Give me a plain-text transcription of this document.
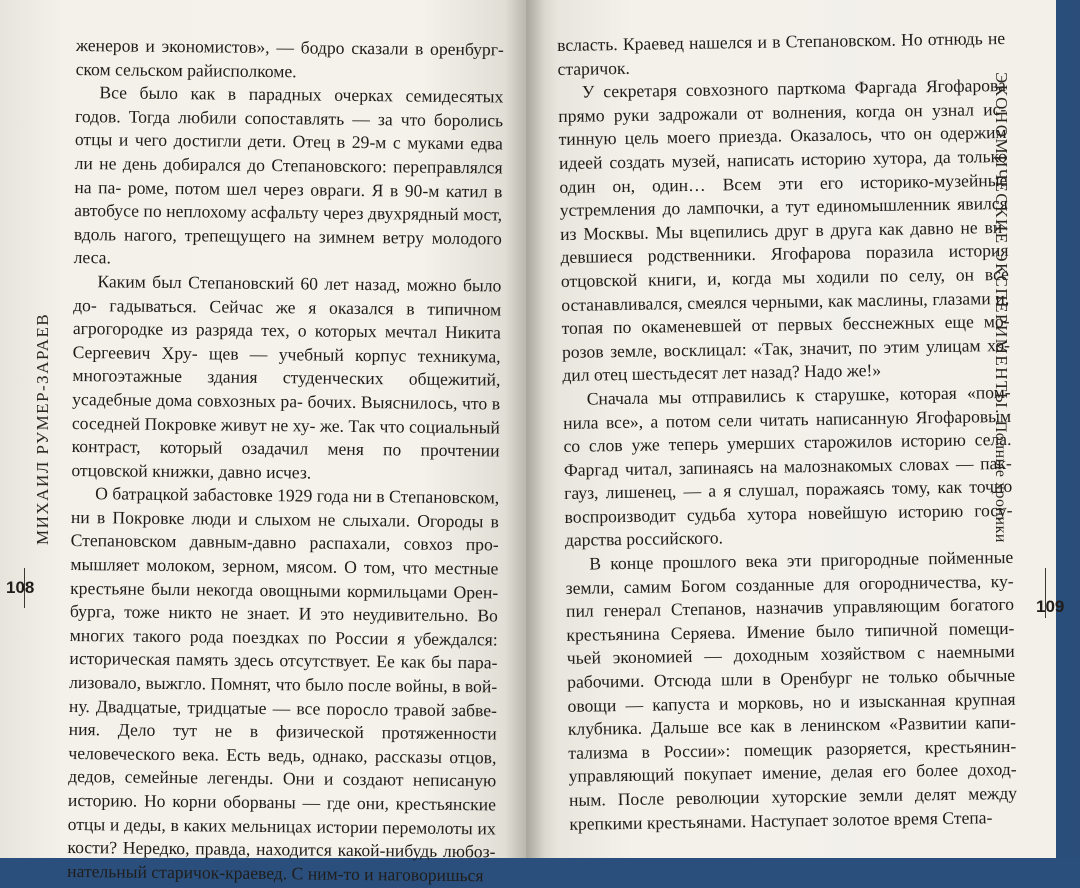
женеров и экономистов», — бодро сказали в оренбург- ском сельском райисполкоме.

Все было как в парадных очерках семидесятых годов. Тогда любили сопоставлять — за что боролись отцы и чего достигли дети. Отец в 29-м с муками едва ли не день добирался до Степановского: переправлялся на па- роме, потом шел через овраги. Я в 90-м катил в автобусе по неплохому асфальту через двухрядный мост, вдоль нагого, трепещущего на зимнем ветру молодого леса.

Каким был Степановский 60 лет назад, можно было до- гадываться. Сейчас же я оказался в типичном агрогородке из разряда тех, о которых мечтал Никита Сергеевич Хру- щев — учебный корпус техникума, многоэтажные здания студенческих общежитий, усадебные дома совхозных ра- бочих. Выяснилось, что в соседней Покровке живут не ху- же. Так что социальный контраст, который озадачил меня по прочтении отцовской книжки, давно исчез.

О батрацкой забастовке 1929 года ни в Степановском, ни в Покровке люди и слыхом не слыхали. Огороды в Степановском давным-давно распахали, совхоз про- мышляет молоком, зерном, мясом. О том, что местные крестьяне были некогда овощными кормильцами Орен- бурга, тоже никто не знает. И это неудивительно. Во многих такого рода поездках по России я убеждался: историческая память здесь отсутствует. Ее как бы пара- лизовало, выжгло. Помнят, что было после войны, в вой- ну. Двадцатые, тридцатые — все поросло травой забве- ния. Дело тут не в физической протяженности человеческого века. Есть ведь, однако, рассказы отцов, дедов, семейные легенды. Они и создают неписаную историю. Но корни оборваны — где они, крестьянские отцы и деды, в каких мельницах истории перемолоты их кости? Нередко, правда, находится какой-нибудь любоз- нательный старичок-краевед. С ним-то и наговоришься

МИХАИЛ РУМЕР-ЗАРАЕВ
108

всласть. Краевед нашелся и в Степановском. Но отнюдь не старичок.

У секретаря совхозного парткома Фаргада Ягофарова прямо руки задрожали от волнения, когда он узнал ис- тинную цель моего приезда. Оказалось, что он одержим идеей создать музей, написать историю хутора, да только один он, один… Всем эти его историко-музейные устремления до лампочки, а тут единомышленник явился из Москвы. Мы вцепились друг в друга как давно не ви- девшиеся родственники. Ягофарова поразила история отцовской книги, и, когда мы ходили по селу, он все останавливался, смеялся черными, как маслины, глазами и, топая по окаменевшей от первых бесснежных еще мо- розов земле, восклицал: «Так, значит, по этим улицам хо- дил отец шестьдесят лет назад? Надо же!»

Сначала мы отправились к старушке, которая «пом- нила все», а потом сели читать написанную Ягофаровым со слов уже теперь умерших старожилов историю села. Фаргад читал, запинаясь на малознакомых словах — пак- гауз, лишенец, — а я слушал, поражаясь тому, как точно воспроизводит судьба хутора новейшую историю госу- дарства российского.

В конце прошлого века эти пригородные пойменные земли, самим Богом созданные для огородничества, ку- пил генерал Степанов, назначив управляющим богатого крестьянина Серяева. Имение было типичной помещи- чьей экономией — доходным хозяйством с наемными рабочими. Отсюда шли в Оренбург не только обычные овощи — капуста и морковь, но и изысканная крупная клубника. Дальше все как в ленинском «Развитии капи- тализма в России»: помещик разоряется, крестьянин- управляющий покупает имение, делая его более доход- ным. После революции хуторские земли делят между крепкими крестьянами. Наступает золотое время Степа-

ЭКОНОМИЧЕСКИЕ ЭКСПЕРИМЕНТЫ. Полные хроники
109
